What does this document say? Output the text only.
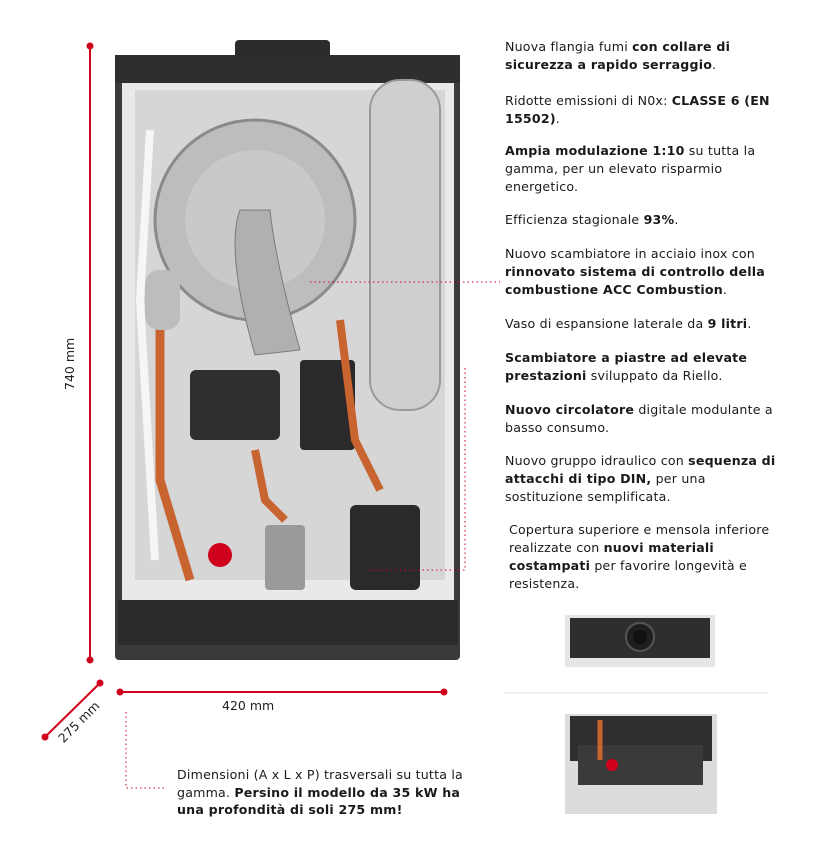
740 mm
420 mm
275 mm
Nuova flangia fumi con collare di sicurezza a rapido serraggio.
Ridotte emissioni di N0x: CLASSE 6 (EN 15502).
Ampia modulazione 1:10 su tutta la gamma, per un elevato risparmio energetico.
Efficienza stagionale 93%.
Nuovo scambiatore in acciaio inox con rinnovato sistema di controllo della combustione ACC Combustion.
Vaso di espansione laterale da 9 litri.
Scambiatore a piastre ad elevate prestazioni sviluppato da Riello.
Nuovo circolatore digitale modulante a basso consumo.
Nuovo gruppo idraulico con sequenza di attacchi di tipo DIN, per una sostituzione semplificata.
Copertura superiore e mensola inferiore realizzate con nuovi materiali costampati per favorire longevità e resistenza.
Dimensioni (A x L x P) trasversali su tutta la gamma. Persino il modello da 35 kW ha una profondità di soli 275 mm!
